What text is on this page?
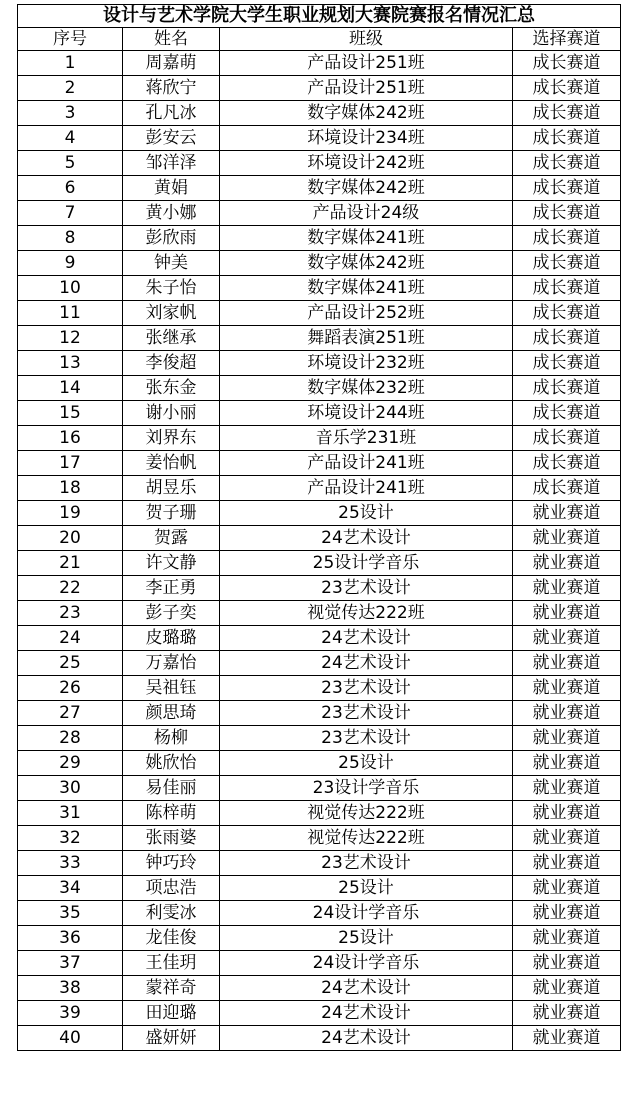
设计与艺术学院大学生职业规划大赛院赛报名情况汇总			
序号	姓名	班级	选择赛道
1	周嘉萌	产品设计251班	成长赛道
2	蒋欣宁	产品设计251班	成长赛道
3	孔凡冰	数字媒体242班	成长赛道
4	彭安云	环境设计234班	成长赛道
5	邹洋泽	环境设计242班	成长赛道
6	黄娟	数字媒体242班	成长赛道
7	黄小娜	产品设计24级	成长赛道
8	彭欣雨	数字媒体241班	成长赛道
9	钟美	数字媒体242班	成长赛道
10	朱子怡	数字媒体241班	成长赛道
11	刘家帆	产品设计252班	成长赛道
12	张继承	舞蹈表演251班	成长赛道
13	李俊超	环境设计232班	成长赛道
14	张东金	数字媒体232班	成长赛道
15	谢小丽	环境设计244班	成长赛道
16	刘界东	音乐学231班	成长赛道
17	姜怡帆	产品设计241班	成长赛道
18	胡昱乐	产品设计241班	成长赛道
19	贺子珊	25设计	就业赛道
20	贺露	24艺术设计	就业赛道
21	许文静	25设计学音乐	就业赛道
22	李正勇	23艺术设计	就业赛道
23	彭子奕	视觉传达222班	就业赛道
24	皮璐璐	24艺术设计	就业赛道
25	万嘉怡	24艺术设计	就业赛道
26	吴祖钰	23艺术设计	就业赛道
27	颜思琦	23艺术设计	就业赛道
28	杨柳	23艺术设计	就业赛道
29	姚欣怡	25设计	就业赛道
30	易佳丽	23设计学音乐	就业赛道
31	陈梓萌	视觉传达222班	就业赛道
32	张雨婆	视觉传达222班	就业赛道
33	钟巧玲	23艺术设计	就业赛道
34	项忠浩	25设计	就业赛道
35	利雯冰	24设计学音乐	就业赛道
36	龙佳俊	25设计	就业赛道
37	王佳玥	24设计学音乐	就业赛道
38	蒙祥奇	24艺术设计	就业赛道
39	田迎璐	24艺术设计	就业赛道
40	盛妍妍	24艺术设计	就业赛道
